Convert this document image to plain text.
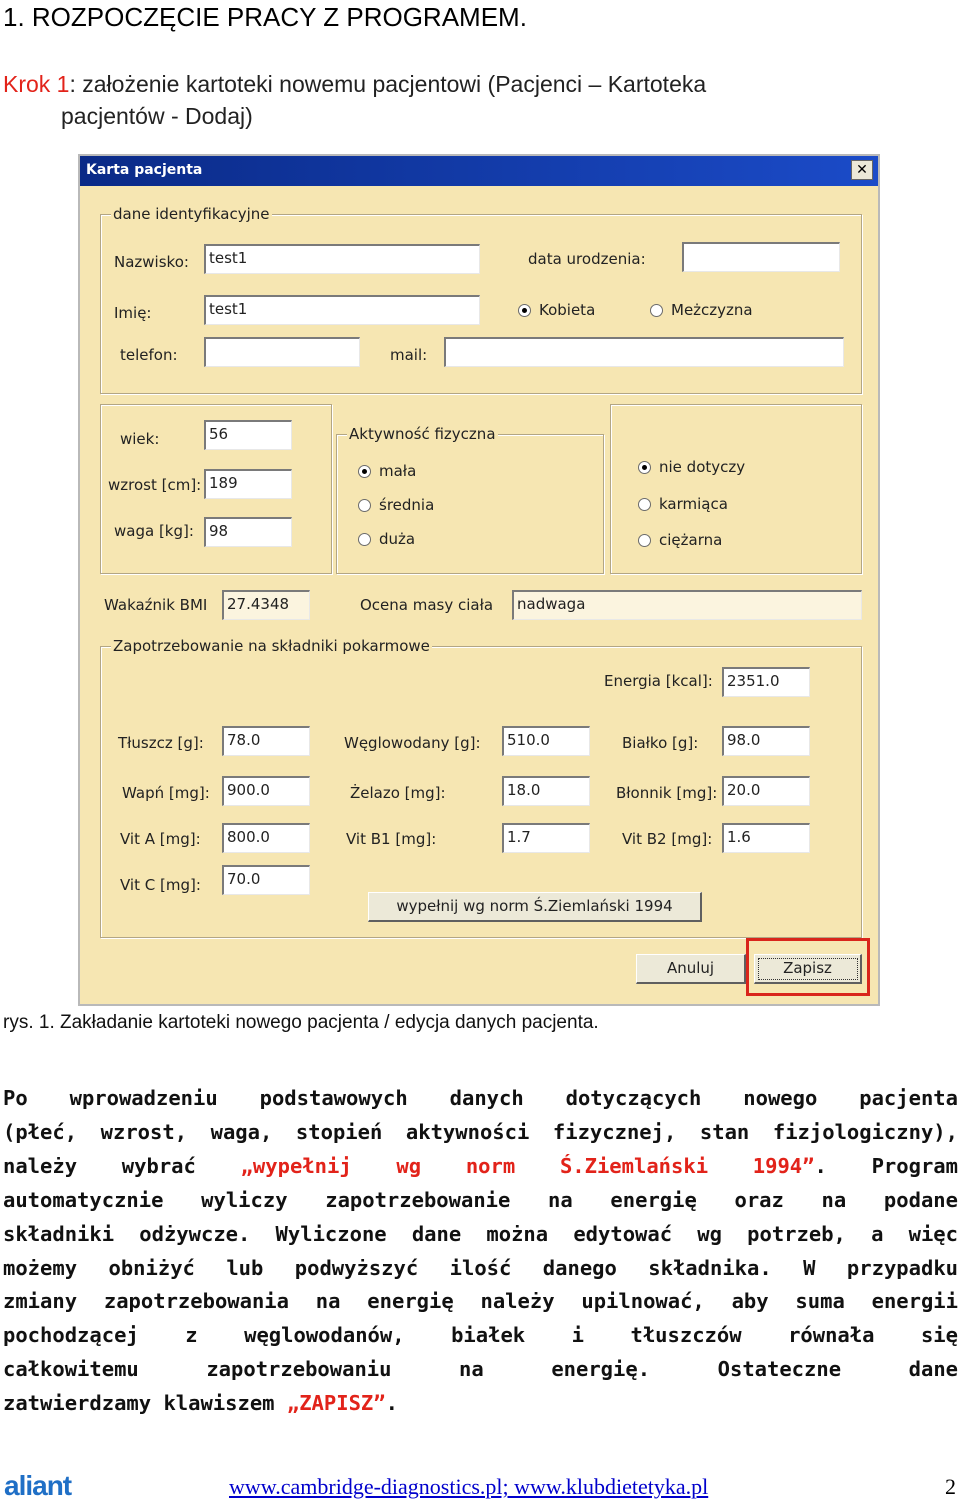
1. ROZPOCZĘCIE PRACY Z PROGRAMEM.
Krok 1: założenie kartoteki nowemu pacjentowi (Pacjenci – Kartoteka
pacjentów - Dodaj)
Karta pacjenta	✕
dane identyfikacyjne
Nazwisko:	test1	data urodzenia:
Imię:	test1	Kobieta	Meżczyzna
telefon:	mail:
wiek:	56
wzrost [cm]: 189
waga [kg]:	98
Aktywność fizyczna
mała
średnia
duża
nie dotyczy
karmiąca
ciężarna
Wakaźnik BMI	27.4348	Ocena masy ciała	nadwaga
Zapotrzebowanie na składniki pokarmowe
Energia [kcal]: 2351.0
Tłuszcz [g]:	78.0	Węglowodany [g]:	510.0	Białko [g]:	98.0
Wapń [mg]:	900.0	Żelazo [mg]:	18.0	Błonnik [mg]: 20.0
Vit A [mg]:	800.0	Vit B1 [mg]:	1.7	Vit B2 [mg]: 1.6
Vit C [mg]:	70.0
wypełnij wg norm Ś.Ziemlański 1994
Anuluj	Zapisz
rys. 1. Zakładanie kartoteki nowego pacjenta / edycja danych pacjenta.

Po wprowadzeniu podstawowych danych dotyczących nowego pacjenta

(płeć, wzrost, waga, stopień aktywności fizycznej, stan fizjologiczny),

należy wybrać „wypełnij wg norm Ś.Ziemlański 1994”. Program

automatycznie wyliczy zapotrzebowanie na energię oraz na podane

składniki odżywcze. Wyliczone dane można edytować wg potrzeb, a więc

możemy obniżyć lub podwyższyć ilość danego składnika. W przypadku

zmiany zapotrzebowania na energię należy upilnować, aby suma energii

pochodzącej z węglowodanów, białek i tłuszczów równała się

całkowitemu zapotrzebowaniu na energię. Ostateczne dane

zatwierdzamy klawiszem „ZAPISZ”.

aliant	www.cambridge-diagnostics.pl; www.klubdietetyka.pl	2
